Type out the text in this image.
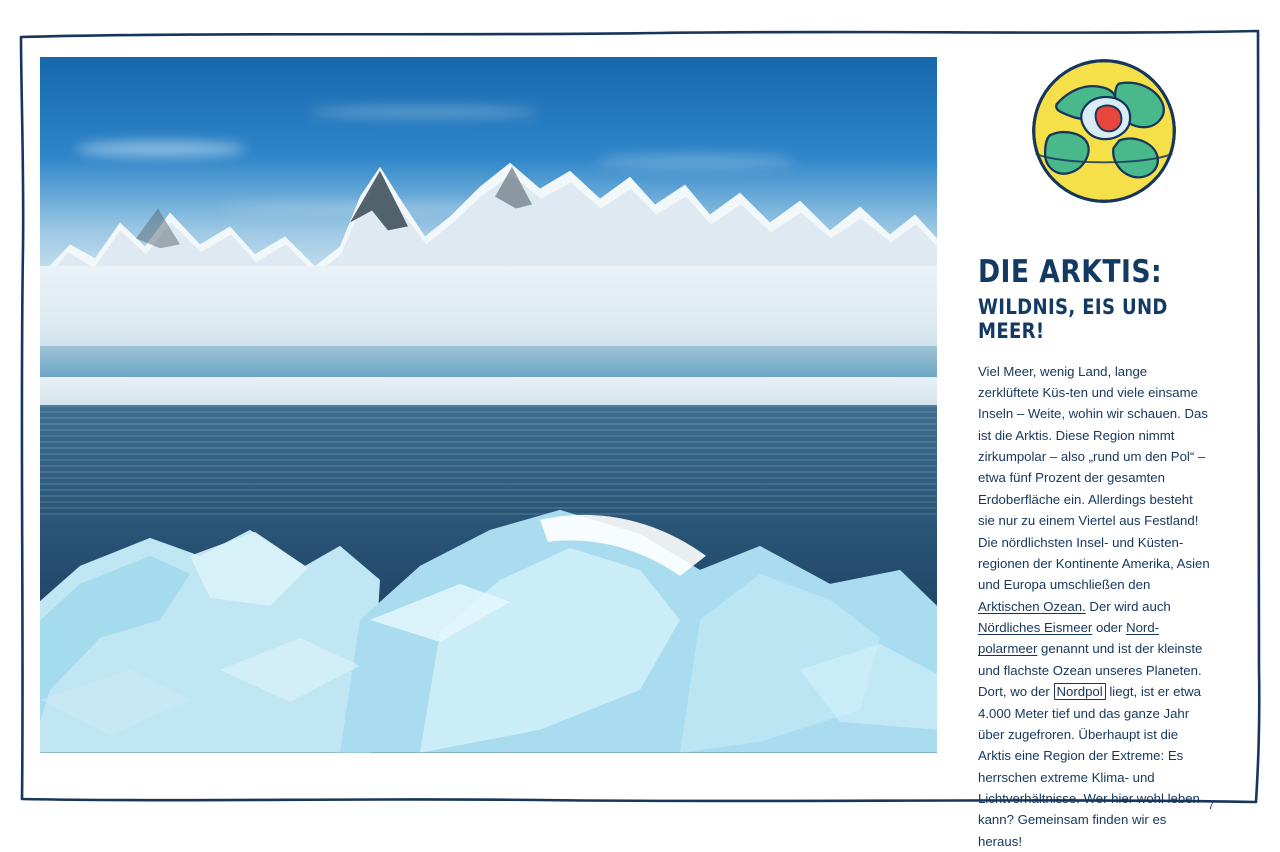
DIE ARKTIS:
WILDNIS, EIS UND MEER!

Viel Meer, wenig Land, lange zerklüftete Küs-ten und viele einsame Inseln – Weite, wohin wir schauen. Das ist die Arktis. Diese Region nimmt zirkumpolar – also „rund um den Pol“ – etwa fünf Prozent der gesamten Erdoberfläche ein. Allerdings besteht sie nur zu einem Viertel aus Festland! Die nördlichsten Insel- und Küsten-regionen der Kontinente Amerika, Asien und Europa umschließen den Arktischen Ozean. Der wird auch Nördliches Eismeer oder Nord-polarmeer genannt und ist der kleinste und flachste Ozean unseres Planeten. Dort, wo der Nordpol liegt, ist er etwa 4.000 Meter tief und das ganze Jahr über zugefroren. Überhaupt ist die Arktis eine Region der Extreme: Es herrschen extreme Klima- und Lichtverhältnisse. Wer hier wohl leben kann? Gemeinsam finden wir es heraus!

7
